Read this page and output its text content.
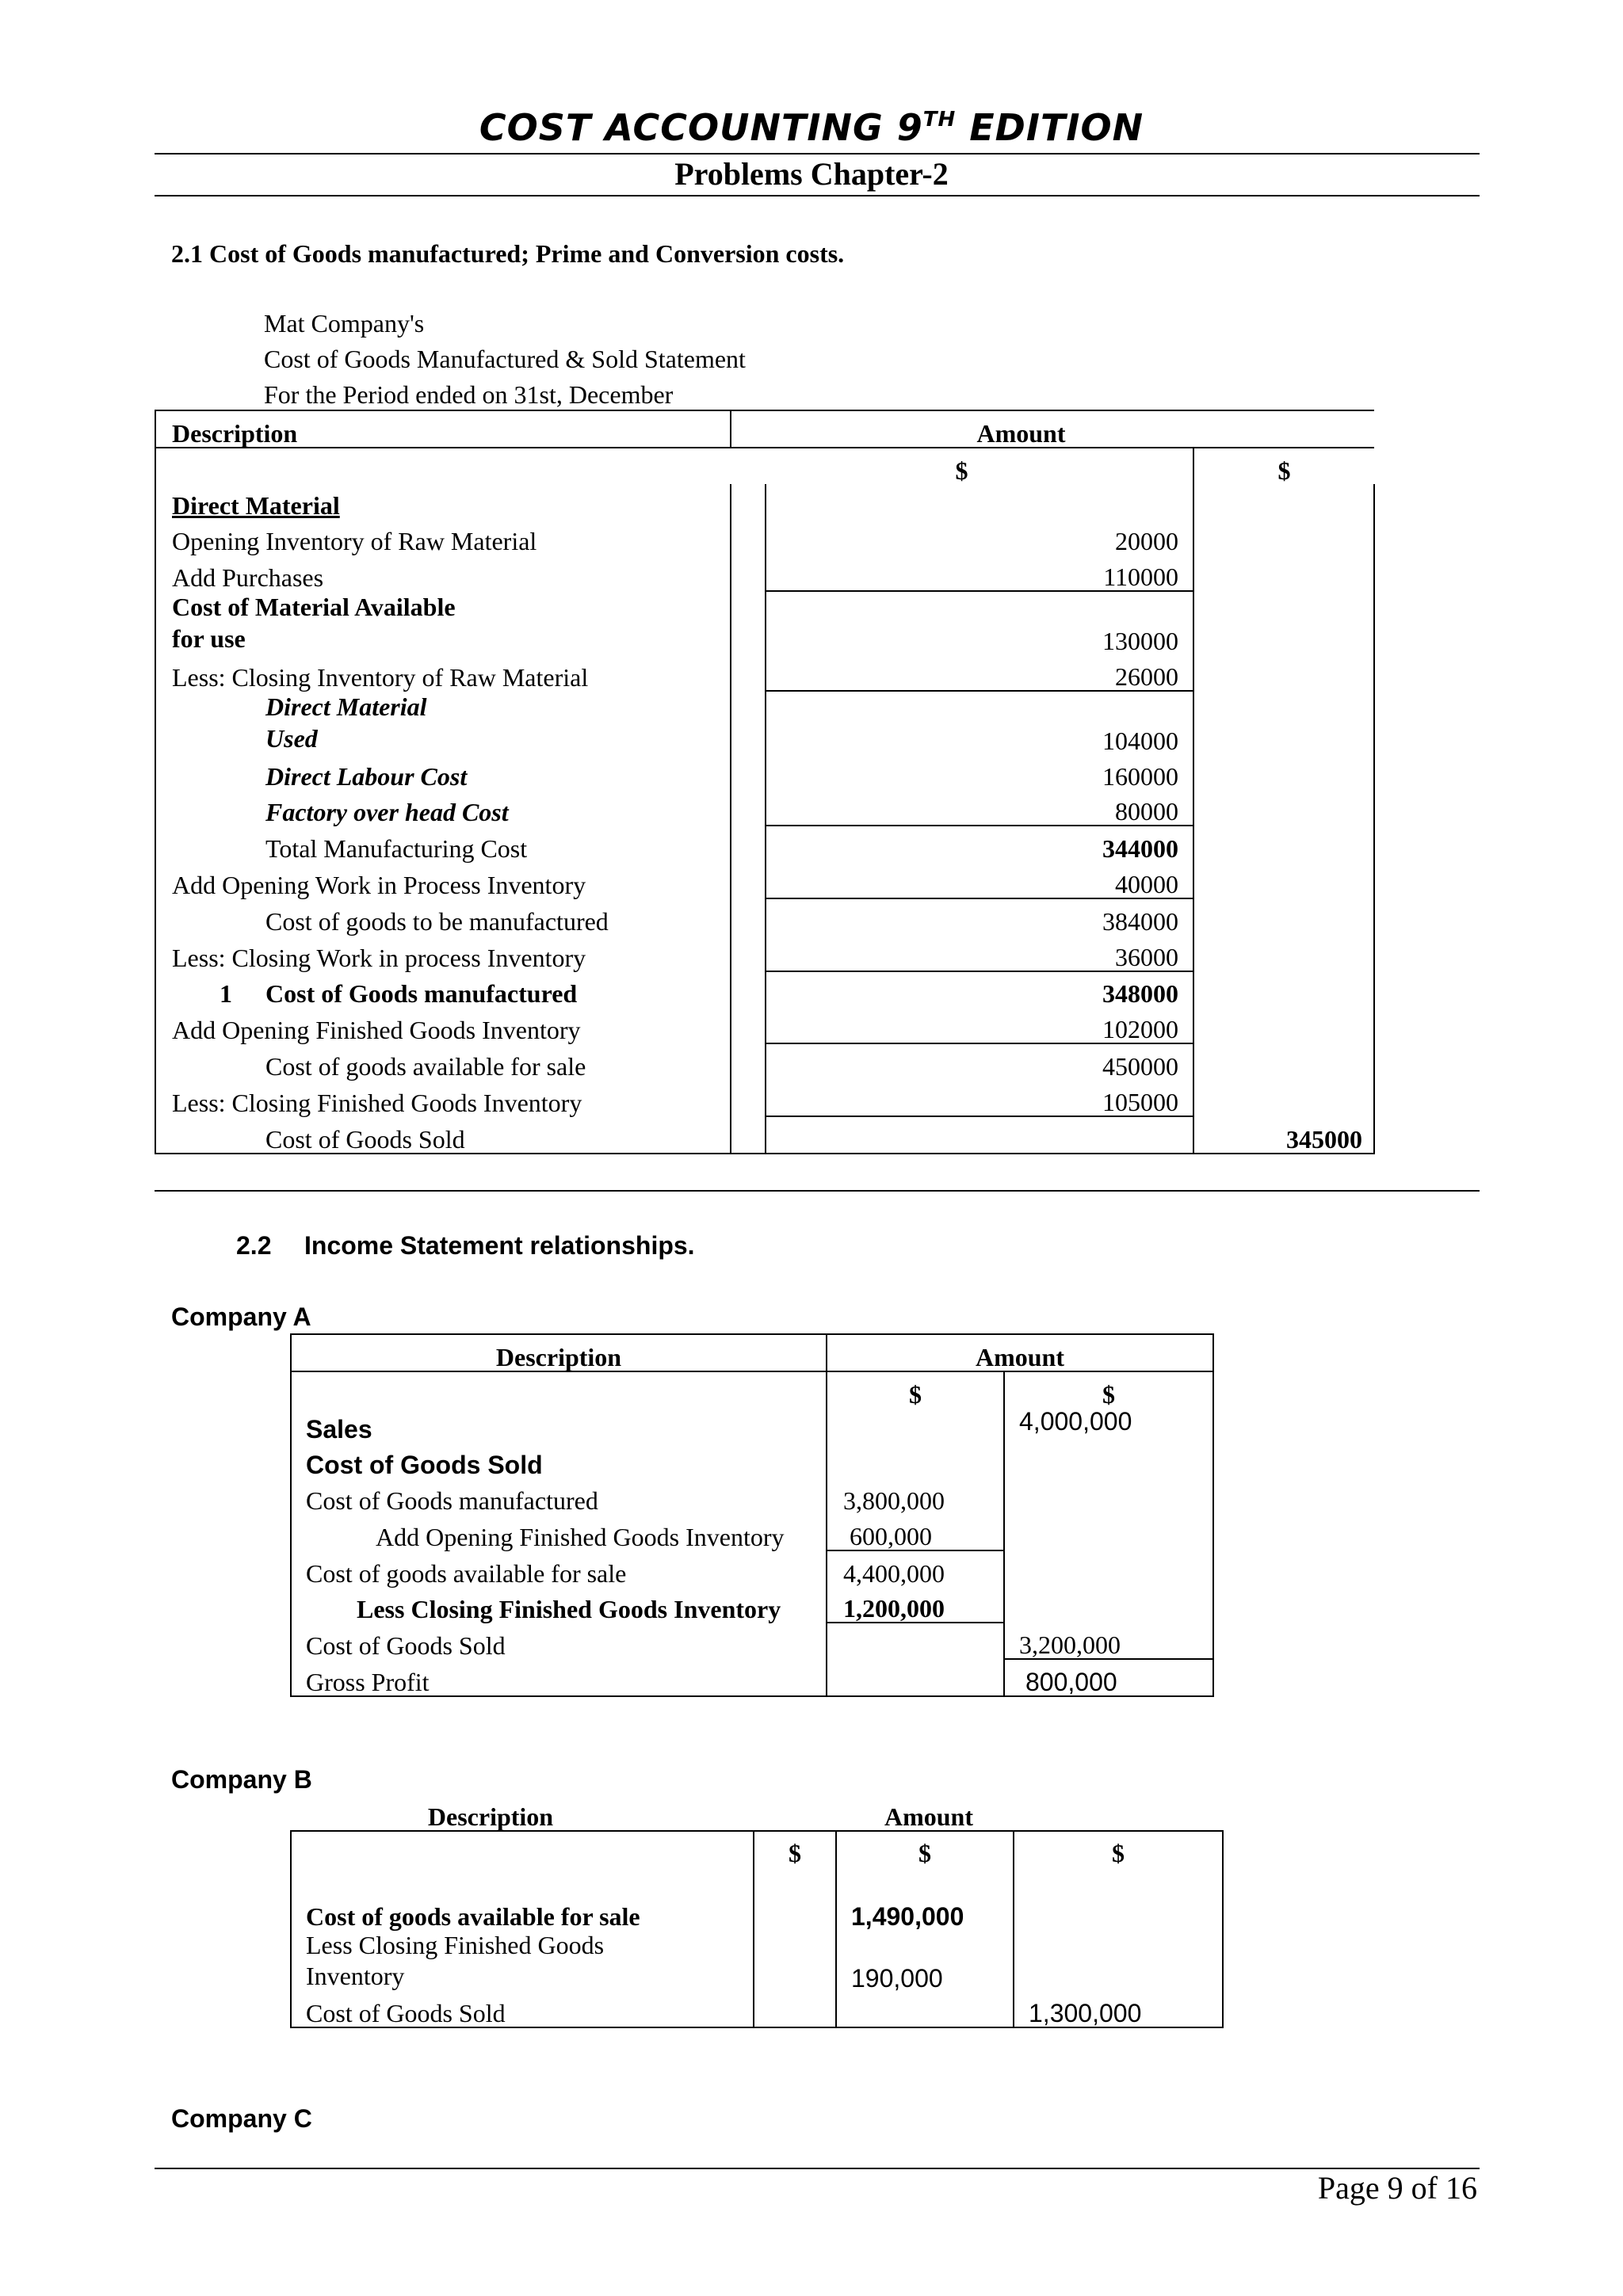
COST ACCOUNTING 9TH EDITION
Problems Chapter-2
2.1 Cost of Goods manufactured; Prime and Conversion costs.
Mat Company's
Cost of Goods Manufactured & Sold Statement
For the Period ended on 31st, December
Description	Amount		
	$		$
Direct Material			
Opening Inventory of Raw Material		20000	
Add Purchases		110000	
Cost of Material Available
for use		130000	
Less: Closing Inventory of Raw Material		26000	
Direct Material
Used		104000	
Direct Labour Cost		160000	
Factory over head Cost		80000	
Total Manufacturing Cost		344000	
Add Opening Work in Process Inventory		40000	
Cost of goods to be manufactured		384000	
Less: Closing Work in process Inventory		36000	
1 Cost of Goods manufactured		348000	
Add Opening Finished Goods Inventory		102000	
Cost of goods available for sale		450000	
Less: Closing Finished Goods Inventory		105000	
Cost of Goods Sold			345000
2.2 Income Statement relationships.
Company A
Description	Amount	
	$	$
Sales		4,000,000
Cost of Goods Sold		
Cost of Goods manufactured	3,800,000	
Add Opening Finished Goods Inventory	600,000	
Cost of goods available for sale	4,400,000	
Less Closing Finished Goods Inventory	1,200,000	
Cost of Goods Sold		3,200,000
Gross Profit		800,000
Company B
Description	Amount		
	$	$	$
Cost of goods available for sale		1,490,000	
Less Closing Finished Goods
Inventory		190,000	
Cost of Goods Sold			1,300,000
Company C
Page 9 of 16
